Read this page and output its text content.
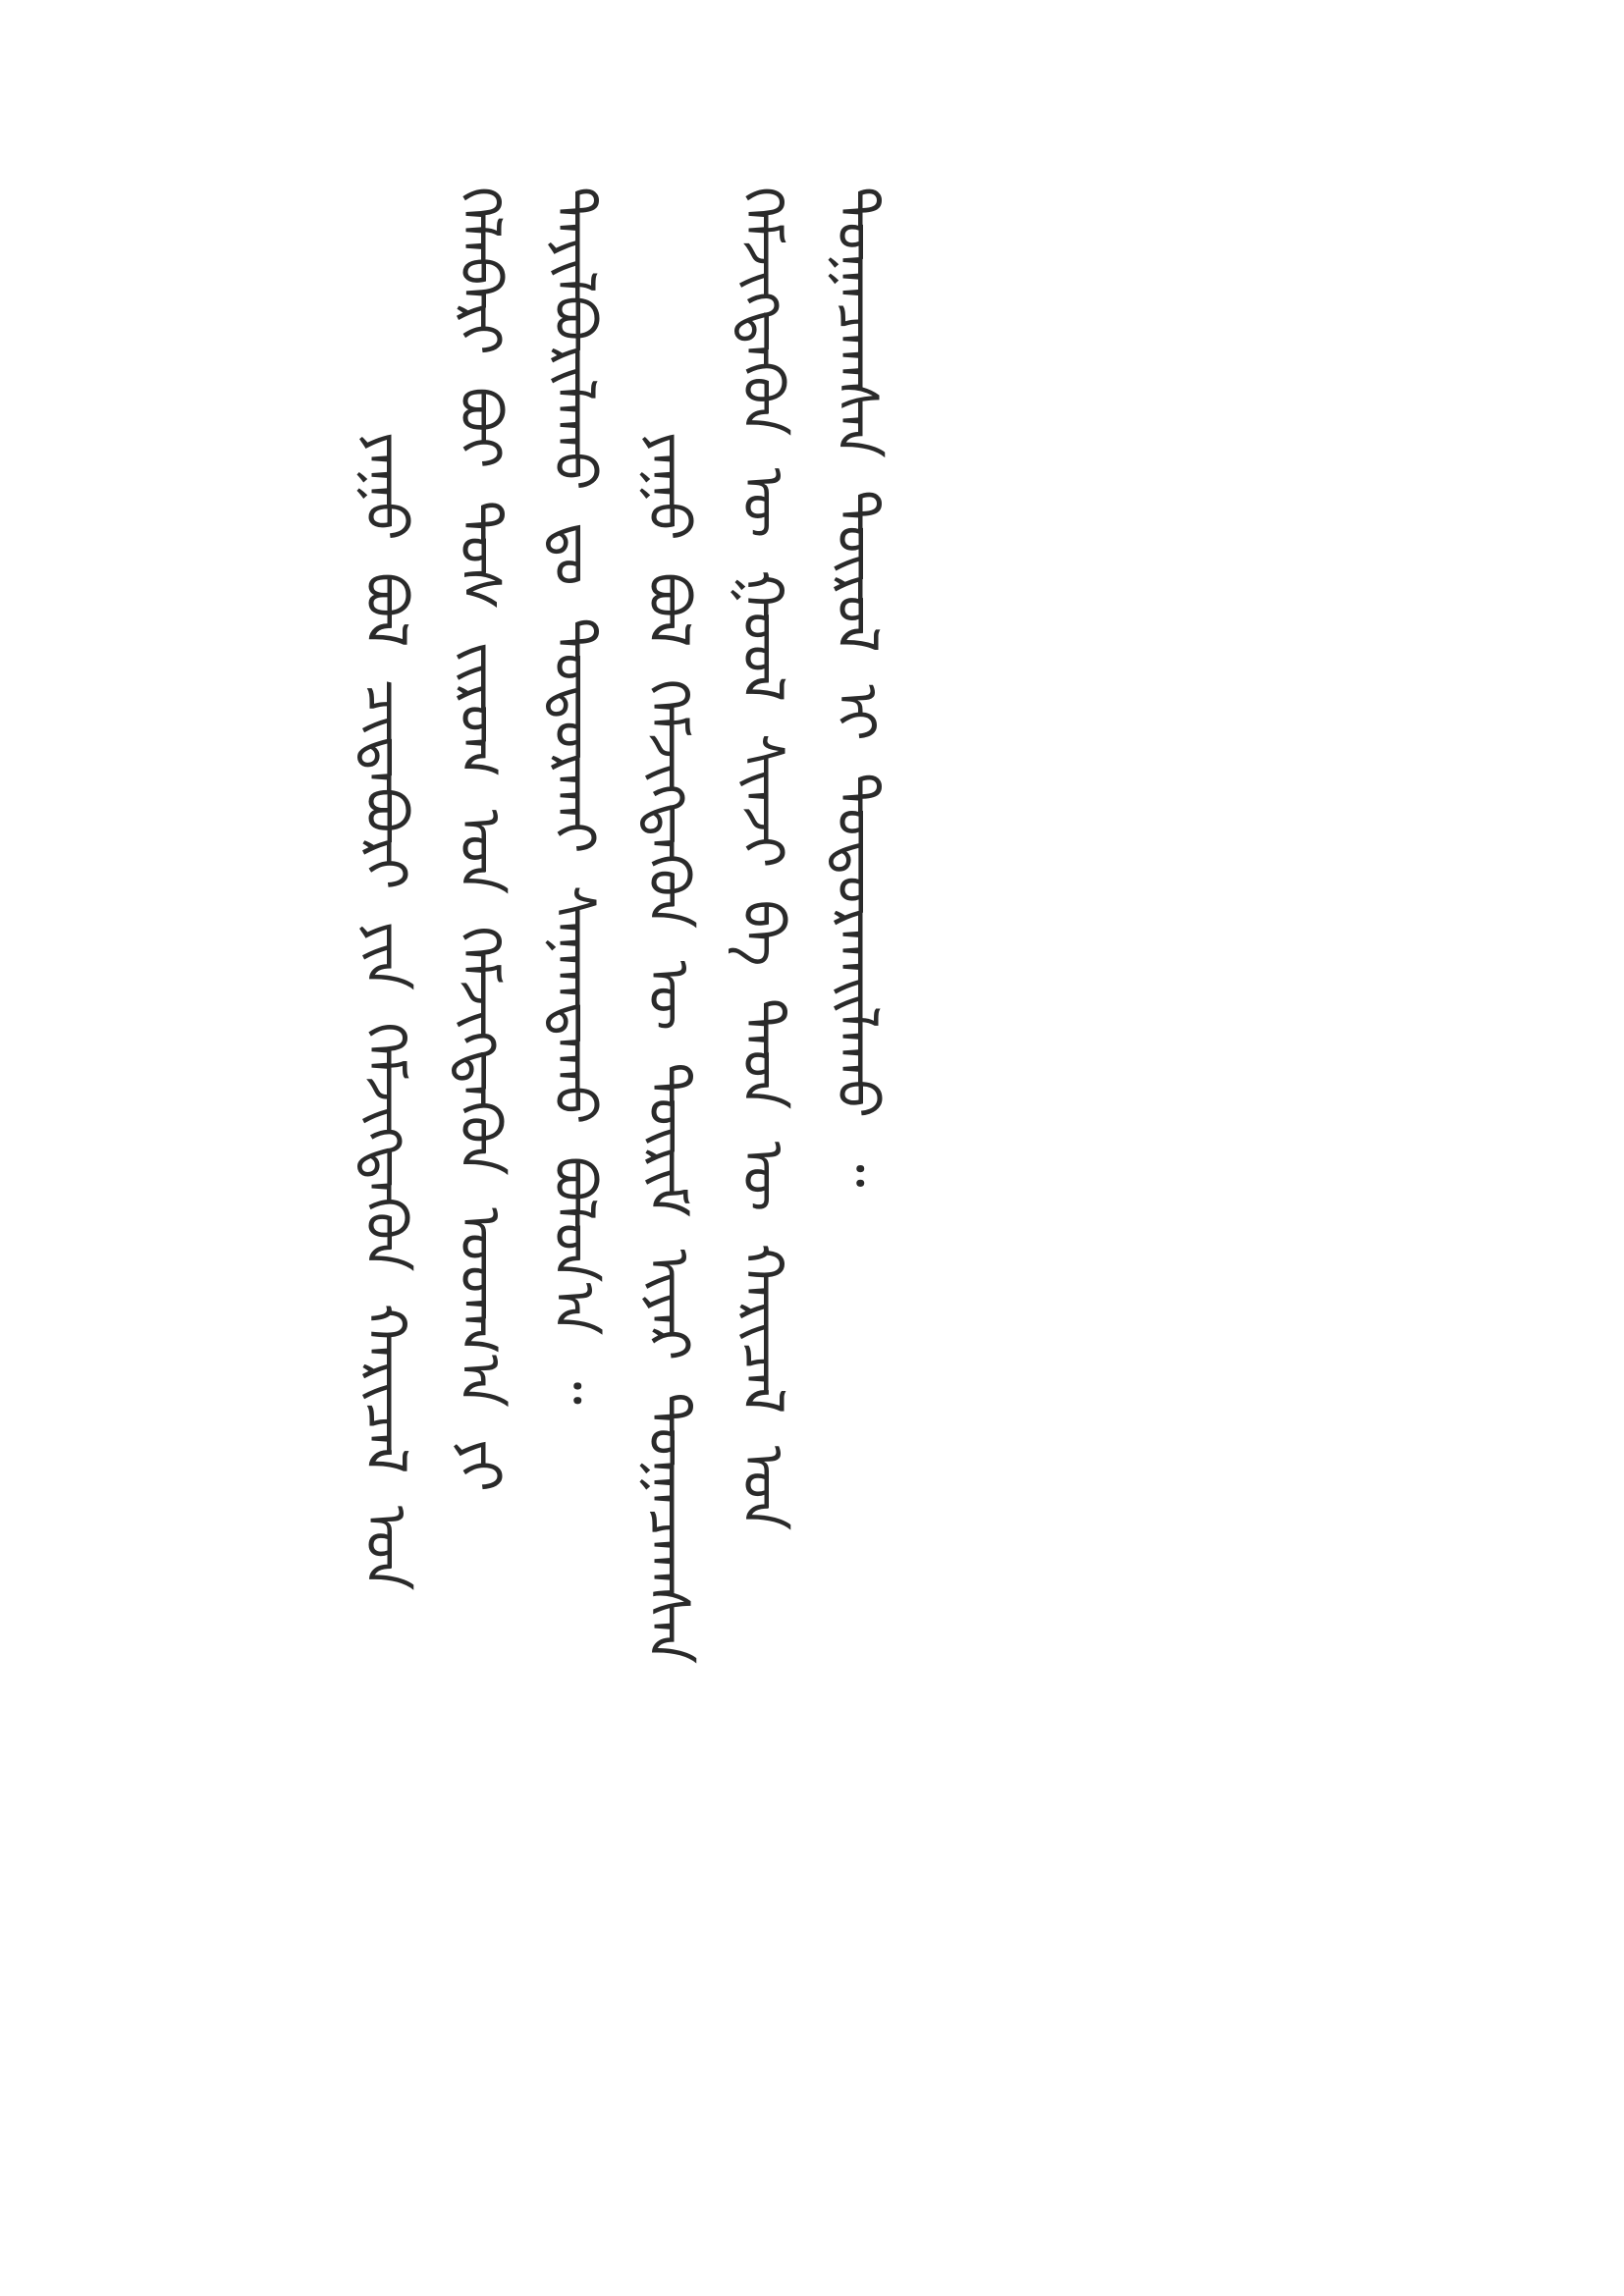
ᠶᠠᠭᠤ ᠪᠣᠯ ᠴᠢᠳᠠᠪᠤᠷᠢ ᠶᠢᠨ ᠬᠡᠮᠵᠢᠭᠳᠡᠬᠦᠨ ᠬᠠᠷᠢᠴᠠᠯ ᠤᠨ ᠬᠡᠯᠡᠪᠡᠷᠢ ᠪᠤᠢ ᠲᠤᠰ ᠵᠢᠷᠤᠭ ᠤᠨ ᠬᠡᠮᠵᠢᠭᠳᠡᠬᠦᠨ ᠤᠳᠬ᠎ᠠ ᠶᠢ ᠲᠠᠶᠢᠯᠪᠤᠷᠢᠯᠠᠬᠤ ᠳᠤ ᠲᠣᠳᠣᠷᠬᠠᠢ ᠰᠠᠨᠠᠭᠳᠠᠬᠤ ᠪᠣᠯᠤᠨ᠎ᠠ ᠃ ᠶᠠᠭᠤ ᠪᠣᠯ ᠬᠡᠮᠵᠢᠭᠳᠡᠬᠦᠨ ᠦ ᠳᠦᠷᠢᠮ ᠢᠶᠡᠷ ᠲᠣᠭᠠᠴᠠᠭᠰᠠᠨ ᠬᠡᠮᠵᠢᠭᠳᠡᠬᠦᠨ ᠦ ᠭᠣᠣᠯ ᠰᠢᠨᠵᠢ ᠪᠠ ᠲᠡᠦᠨ ᠦ ᠬᠠᠷᠢᠴᠠᠯ ᠤᠨ ᠲᠣᠭᠠᠴᠠᠭᠰᠠᠨ ᠲᠥᠷᠥᠯ ᠢ ᠲᠣᠳᠣᠷᠬᠠᠢᠯᠠᠬᠤ ᠃
